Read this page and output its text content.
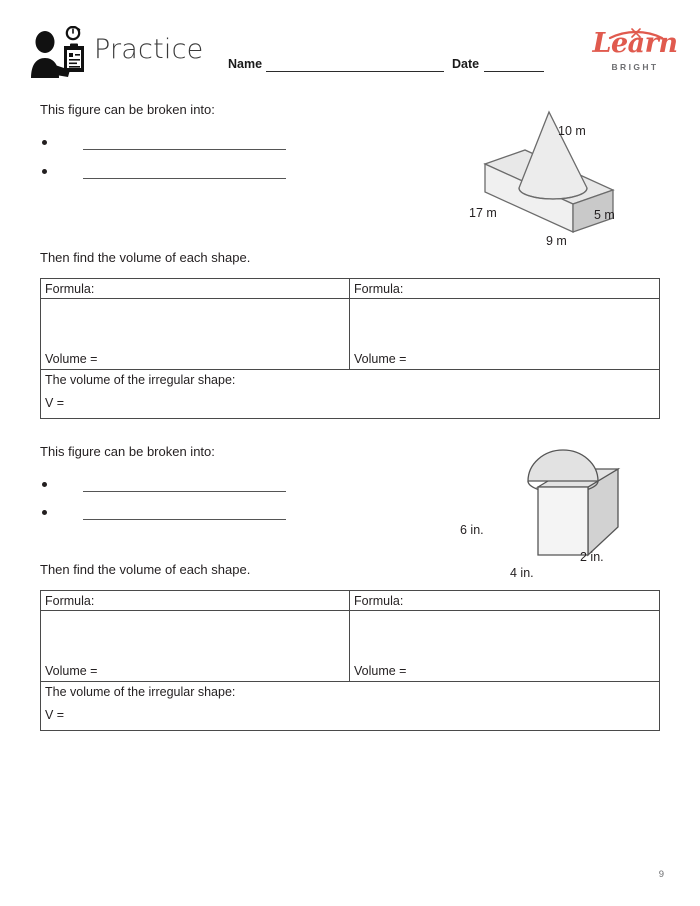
Practice Name	Date
Learn
BRIGHT
This figure can be broken into:
Then find the volume of each shape.
10 m
17 m	5 m
9 m
Formula:
Volume =
Formula:
Volume =
The volume of the irregular shape:
V =
This figure can be broken into:
Then find the volume of each shape.
6 in.
4 in.
2 in.
Formula:
Volume =
Formula:
Volume =
The volume of the irregular shape:
V =
9
